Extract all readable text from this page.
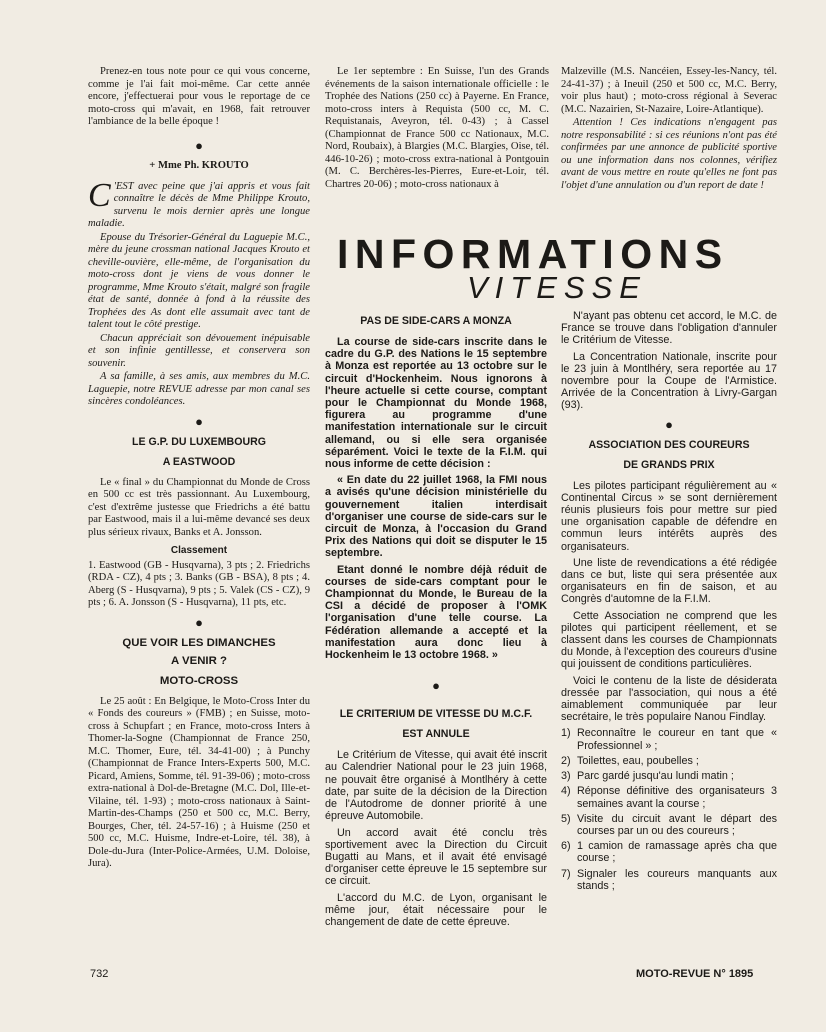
Prenez-en tous note pour ce qui vous concerne, comme je l'ai fait moi-même. Car cette année encore, j'effectuerai pour vous le reportage de ce moto-cross qui m'avait, en 1968, fait retrouver l'ambiance de la belle époque !

●
+ Mme Ph. KROUTO

C 'EST avec peine que j'ai appris et vous fait connaître le décès de Mme Philippe Krouto, survenu le mois dernier après une longue maladie.

Epouse du Trésorier-Général du Laguepie M.C., mère du jeune crossman national Jacques Krouto et cheville-ouvière, elle-même, de l'organisation du moto-cross dont je viens de vous donner le programme, Mme Krouto s'était, malgré son fragile état de santé, donnée à fond à la réussite des Trophées des As dont elle assumait avec tant de talent tout le côté prestige.

Chacun appréciait son dévouement inépuisable et son infinie gentillesse, et conservera son souvenir.

A sa famille, à ses amis, aux membres du M.C. Laguepie, notre REVUE adresse par mon canal ses sincères condoléances.

●
LE G.P. DU LUXEMBOURG
A EASTWOOD

Le « final » du Championnat du Monde de Cross en 500 cc est très passionnant. Au Luxembourg, c'est d'extrême justesse que Friedrichs a été battu par Eastwood, mais il a lui-même devancé ses deux plus sérieux rivaux, Banks et A. Jonsson.

Classement

1. Eastwood (GB - Husqvarna), 3 pts ; 2. Friedrichs (RDA - CZ), 4 pts ; 3. Banks (GB - BSA), 8 pts ; 4. Aberg (S - Husqvarna), 9 pts ; 5. Valek (CS - CZ), 9 pts ; 6. A. Jonsson (S - Husqvarna), 11 pts, etc.

●
QUE VOIR LES DIMANCHES
A VENIR ?
MOTO-CROSS

Le 25 août : En Belgique, le Moto-Cross Inter du « Fonds des coureurs » (FMB) ; en Suisse, moto-cross à Schupfart ; en France, moto-cross Inters à Thomer-la-Sogne (Championnat de France 250, M.C. Thomer, Eure, tél. 34-41-00) ; à Punchy (Championnat de France Inters-Experts 500, M.C. Picard, Amiens, Somme, tél. 91-39-06) ; moto-cross extra-national à Dol-de-Bretagne (M.C. Dol, Ille-et-Vilaine, tél. 1-93) ; moto-cross nationaux à Saint-Martin-des-Champs (250 et 500 cc, M.C. Berry, Bourges, Cher, tél. 24-57-16) ; à Huisme (250 et 500 cc, M.C. Huisme, Indre-et-Loire, tél. 38), à Dole-du-Jura (Inter-Police-Armées, U.M. Doloise, Jura).

Le 1er septembre : En Suisse, l'un des Grands événements de la saison internationale officielle : le Trophée des Nations (250 cc) à Payerne. En France, moto-cross inters à Requista (500 cc, M. C. Requistanais, Aveyron, tél. 0-43) ; à Cassel (Championnat de France 500 cc Nationaux, M.C. Nord, Roubaix), à Blargies (M.C. Blargies, Oise, tél. 446-10-26) ; moto-cross extra-national à Pontgouin (M. C. Berchères-les-Pierres, Eure-et-Loir, tél. Chartres 20-06) ; moto-cross nationaux à

Malzeville (M.S. Nancéien, Essey-les-Nancy, tél. 24-41-37) ; à Ineuil (250 et 500 cc, M.C. Berry, voir plus haut) ; moto-cross régional à Severac (M.C. Nazairien, St-Nazaire, Loire-Atlantique).

Attention ! Ces indications n'engagent pas notre responsabilité : si ces réunions n'ont pas été confirmées par une annonce de publicité sportive ou une information dans nos colonnes, vérifiez avant de vous mettre en route qu'elles ne font pas l'objet d'une annulation ou d'un report de date !

INFORMATIONS
VITESSE
PAS DE SIDE-CARS A MONZA

La course de side-cars inscrite dans le cadre du G.P. des Nations le 15 septembre à Monza est reportée au 13 octobre sur le circuit d'Hockenheim. Nous ignorons à l'heure actuelle si cette course, comptant pour le Championnat du Monde 1968, figurera au programme d'une manifestation internationale sur le circuit allemand, ou si elle sera organisée séparément. Voici le texte de la F.I.M. qui nous informe de cette décision :

« En date du 22 juillet 1968, la FMI nous a avisés qu'une décision ministérielle du gouvernement italien interdisait d'organiser une course de side-cars sur le circuit de Monza, à l'occasion du Grand Prix des Nations qui doit se disputer le 15 septembre.

Etant donné le nombre déjà réduit de courses de side-cars comptant pour le Championnat du Monde, le Bureau de la CSI a décidé de proposer à l'OMK l'organisation d'une telle course. La Fédération allemande a accepté et la manifestation aura donc lieu à Hockenheim le 13 octobre 1968. »

●
LE CRITERIUM DE VITESSE DU M.C.F.
EST ANNULE

Le Critérium de Vitesse, qui avait été inscrit au Calendrier National pour le 23 juin 1968, ne pouvait être organisé à Montlhéry à cette date, par suite de la décision de la Direction de l'Autodrome de donner priorité à une épreuve Automobile.

Un accord avait été conclu très sportivement avec la Direction du Circuit Bugatti au Mans, et il avait été envisagé d'organiser cette épreuve le 15 septembre sur ce circuit.

L'accord du M.C. de Lyon, organisant le même jour, était nécessaire pour le changement de date de cette épreuve.

N'ayant pas obtenu cet accord, le M.C. de France se trouve dans l'obligation d'annuler le Critérium de Vitesse.

La Concentration Nationale, inscrite pour le 23 juin à Montlhéry, sera reportée au 17 novembre pour la Coupe de l'Armistice. Arrivée de la Concentration à Livry-Gargan (93).

●
ASSOCIATION DES COUREURS
DE GRANDS PRIX

Les pilotes participant régulièrement au « Continental Circus » se sont dernièrement réunis plusieurs fois pour mettre sur pied une organisation capable de défendre en commun leurs intérêts auprès des organisateurs.

Une liste de revendications a été rédigée dans ce but, liste qui sera présentée aux organisateurs en fin de saison, et au Congrès d'automne de la F.I.M.

Cette Association ne comprend que les pilotes qui participent réellement, et se classent dans les courses de Championnats du Monde, à l'exception des coureurs d'usine qui jouissent de conditions particulières.

Voici le contenu de la liste de désiderata dressée par l'association, qui nous a été aimablement communiquée par leur secrétaire, le très populaire Nanou Findlay.

1) Reconnaître le coureur en tant que « Professionnel » ;

2) Toilettes, eau, poubelles ;

3) Parc gardé jusqu'au lundi matin ;

4) Réponse définitive des organisateurs 3 semaines avant la course ;

5) Visite du circuit avant le départ des courses par un ou des coureurs ;

6) 1 camion de ramassage après cha que course ;

7) Signaler les coureurs manquants aux stands ;

732	MOTO-REVUE N° 1895
